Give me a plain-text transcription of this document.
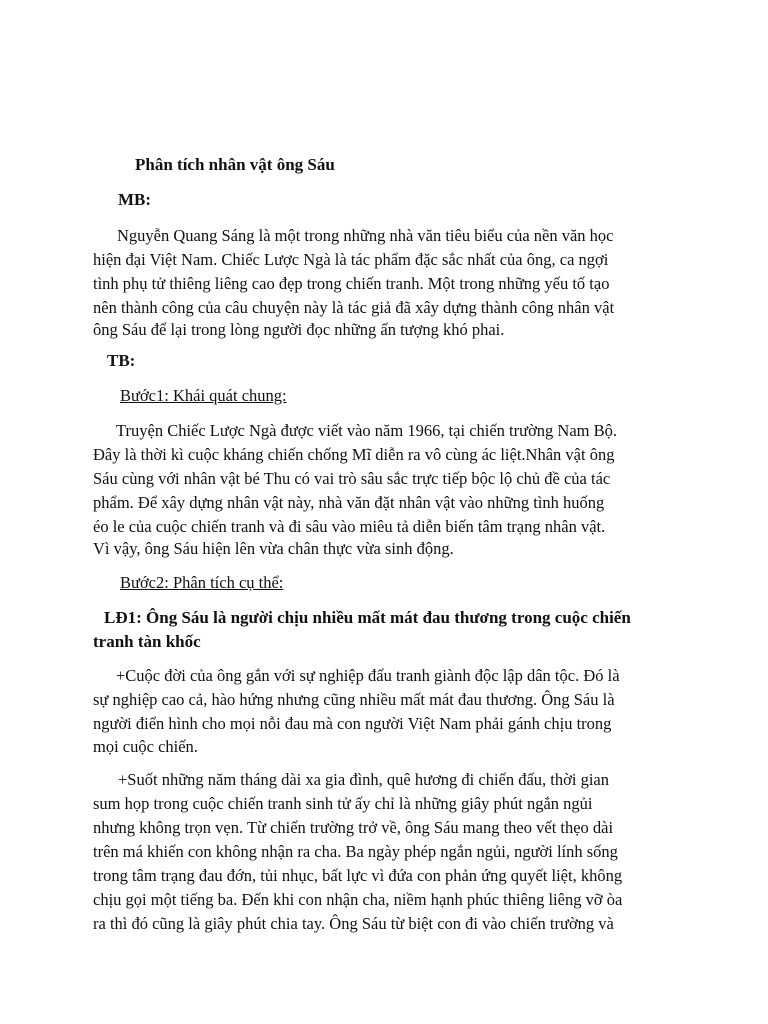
Phân tích nhân vật ông Sáu
MB:
Nguyễn Quang Sáng là một trong những nhà văn tiêu biểu của nền văn học
hiện đại Việt Nam. Chiếc Lược Ngà là tác phẩm đặc sắc nhất của ông, ca ngợi
tình phụ tử thiêng liêng cao đẹp trong chiến tranh. Một trong những yếu tố tạo
nên thành công của câu chuyện này là tác giả đã xây dựng thành công nhân vật
ông Sáu để lại trong lòng người đọc những ấn tượng khó phai.
TB:
Bước1: Khái quát chung:
Truyện Chiếc Lược Ngà được viết vào năm 1966, tại chiến trường Nam Bộ.
Đây là thời kì cuộc kháng chiến chống Mĩ diễn ra vô cùng ác liệt.Nhân vật ông
Sáu cùng với nhân vật bé Thu có vai trò sâu sắc trực tiếp bộc lộ chủ đề của tác
phẩm. Để xây dựng nhân vật này, nhà văn đặt nhân vật vào những tình huống
éo le của cuộc chiến tranh và đi sâu vào miêu tả diễn biến tâm trạng nhân vật.
Vì vậy, ông Sáu hiện lên vừa chân thực vừa sinh động.
Bước2: Phân tích cụ thể:
LĐ1: Ông Sáu là người chịu nhiều mất mát đau thương trong cuộc chiến
tranh tàn khốc
+Cuộc đời của ông gắn với sự nghiệp đấu tranh giành độc lập dân tộc. Đó là
sự nghiệp cao cả, hào hứng nhưng cũng nhiều mất mát đau thương. Ông Sáu là
người điển hình cho mọi nỗi đau mà con người Việt Nam phải gánh chịu trong
mọi cuộc chiến.
+Suốt những năm tháng dài xa gia đình, quê hương đi chiến đấu, thời gian
sum họp trong cuộc chiến tranh sinh tử ấy chỉ là những giây phút ngắn ngủi
nhưng không trọn vẹn. Từ chiến trường trở về, ông Sáu mang theo vết thẹo dài
trên má khiến con không nhận ra cha. Ba ngày phép ngắn ngủi, người lính sống
trong tâm trạng đau đớn, tủi nhục, bất lực vì đứa con phản ứng quyết liệt, không
chịu gọi một tiếng ba. Đến khi con nhận cha, niềm hạnh phúc thiêng liêng vỡ òa
ra thì đó cũng là giây phút chia tay. Ông Sáu từ biệt con đi vào chiến trường và
